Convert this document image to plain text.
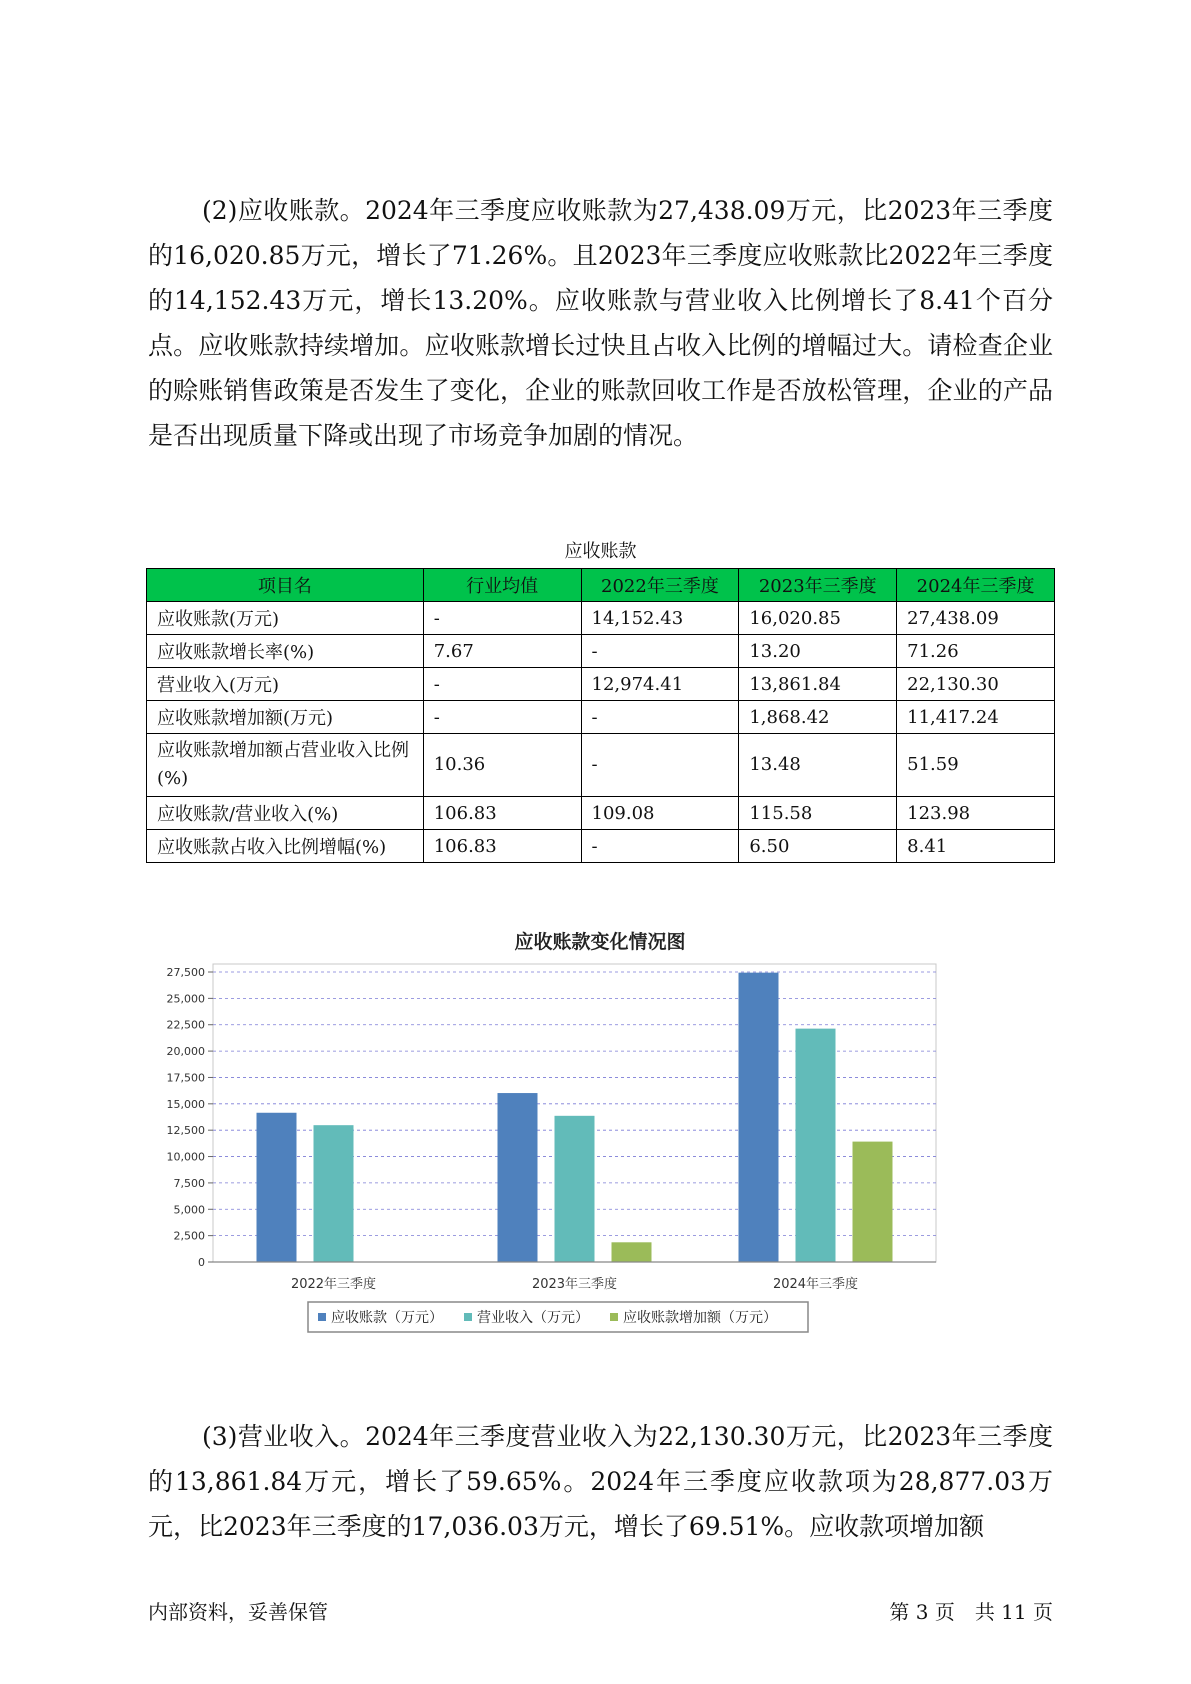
(2)应收账款。2024年三季度应收账款为27,438.09万元，比2023年三季度的16,020.85万元，增长了71.26%。且2023年三季度应收账款比2022年三季度的14,152.43万元，增长13.20%。应收账款与营业收入比例增长了8.41个百分点。应收账款持续增加。应收账款增长过快且占收入比例的增幅过大。请检查企业的赊账销售政策是否发生了变化，企业的账款回收工作是否放松管理，企业的产品是否出现质量下降或出现了市场竞争加剧的情况。

应收账款
项目名	行业均值	2022年三季度	2023年三季度	2024年三季度
应收账款(万元)	-	14,152.43	16,020.85	27,438.09
应收账款增长率(%)	7.67	-	13.20	71.26
营业收入(万元)	-	12,974.41	13,861.84	22,130.30
应收账款增加额(万元)	-	-	1,868.42	11,417.24
应收账款增加额占营业收入比例(%)	10.36	-	13.48	51.59
应收账款/营业收入(%)	106.83	109.08	115.58	123.98
应收账款占收入比例增幅(%)	106.83	-	6.50	8.41
应收账款变化情况图
0
2,500
5,000
7,500
10,000
12,500
15,000
17,500
20,000
22,500
25,000
27,500
2022年三季度	2023年三季度	2024年三季度
应收账款（万元） 营业收入（万元） 应收账款增加额（万元）

(3)营业收入。2024年三季度营业收入为22,130.30万元，比2023年三季度的13,861.84万元，增长了59.65%。2024年三季度应收款项为28,877.03万元，比2023年三季度的17,036.03万元，增长了69.51%。应收款项增加额

内部资料，妥善保管	第 3 页　共 11 页
